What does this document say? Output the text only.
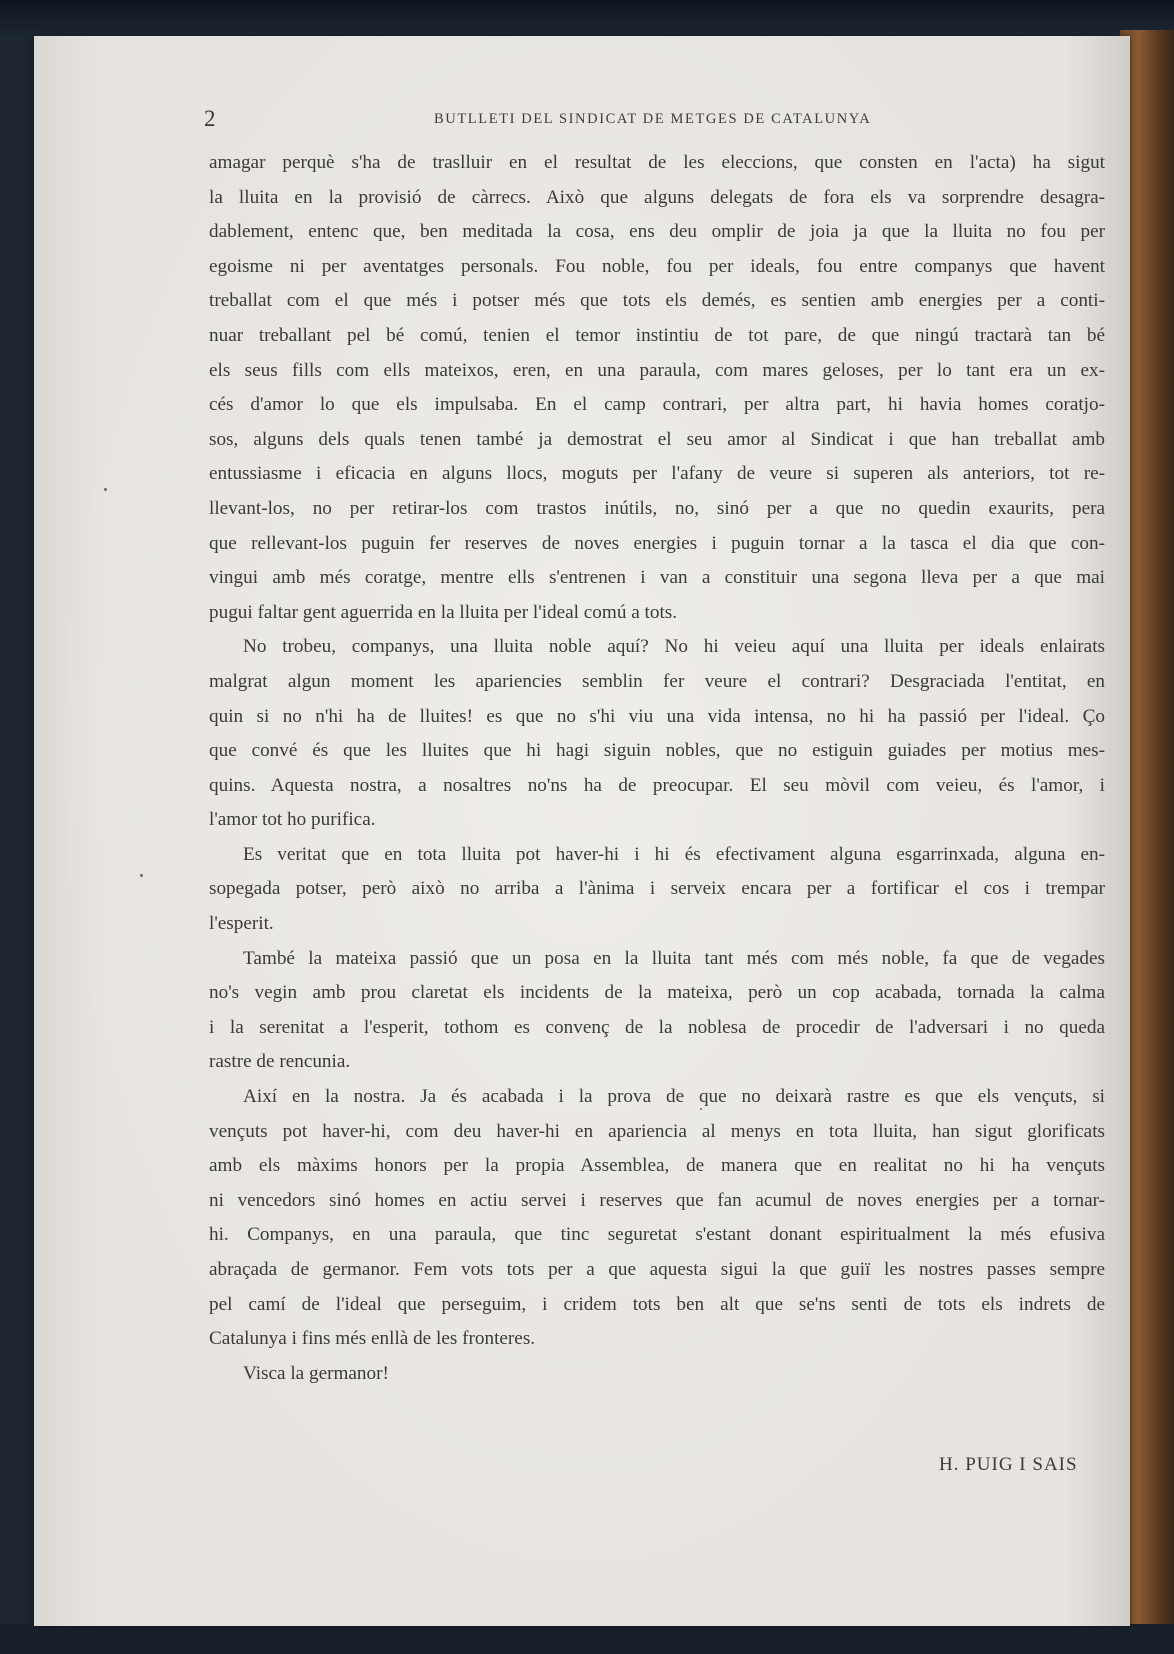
2	BUTLLETI DEL SINDICAT DE METGES DE CATALUNYA

amagar perquè s'ha de traslluir en el resultat de les eleccions, que consten en l'acta) ha sigut

la lluita en la provisió de càrrecs. Això que alguns delegats de fora els va sorprendre desagra-

dablement, entenc que, ben meditada la cosa, ens deu omplir de joia ja que la lluita no fou per

egoisme ni per aventatges personals. Fou noble, fou per ideals, fou entre companys que havent

treballat com el que més i potser més que tots els demés, es sentien amb energies per a conti-

nuar treballant pel bé comú, tenien el temor instintiu de tot pare, de que ningú tractarà tan bé

els seus fills com ells mateixos, eren, en una paraula, com mares geloses, per lo tant era un ex-

cés d'amor lo que els impulsaba. En el camp contrari, per altra part, hi havia homes coratjo-

sos, alguns dels quals tenen també ja demostrat el seu amor al Sindicat i que han treballat amb

entussiasme i eficacia en alguns llocs, moguts per l'afany de veure si superen als anteriors, tot re-

llevant-los, no per retirar-los com trastos inútils, no, sinó per a que no quedin exaurits, pera

que rellevant-los puguin fer reserves de noves energies i puguin tornar a la tasca el dia que con-

vingui amb més coratge, mentre ells s'entrenen i van a constituir una segona lleva per a que mai

pugui faltar gent aguerrida en la lluita per l'ideal comú a tots.

No trobeu, companys, una lluita noble aquí? No hi veieu aquí una lluita per ideals enlairats

malgrat algun moment les apariencies semblin fer veure el contrari? Desgraciada l'entitat, en

quin si no n'hi ha de lluites! es que no s'hi viu una vida intensa, no hi ha passió per l'ideal. Ço

que convé és que les lluites que hi hagi siguin nobles, que no estiguin guiades per motius mes-

quins. Aquesta nostra, a nosaltres no'ns ha de preocupar. El seu mòvil com veieu, és l'amor, i

l'amor tot ho purifica.

Es veritat que en tota lluita pot haver-hi i hi és efectivament alguna esgarrinxada, alguna en-

sopegada potser, però això no arriba a l'ànima i serveix encara per a fortificar el cos i trempar

l'esperit.

També la mateixa passió que un posa en la lluita tant més com més noble, fa que de vegades

no's vegin amb prou claretat els incidents de la mateixa, però un cop acabada, tornada la calma

i la serenitat a l'esperit, tothom es convenç de la noblesa de procedir de l'adversari i no queda

rastre de rencunia.

Així en la nostra. Ja és acabada i la prova de que no deixarà rastre es que els vençuts, si

vençuts pot haver-hi, com deu haver-hi en apariencia al menys en tota lluita, han sigut glorificats

amb els màxims honors per la propia Assemblea, de manera que en realitat no hi ha vençuts

ni vencedors sinó homes en actiu servei i reserves que fan acumul de noves energies per a tornar-

hi. Companys, en una paraula, que tinc seguretat s'estant donant espiritualment la més efusiva

abraçada de germanor. Fem vots tots per a que aquesta sigui la que guiï les nostres passes sempre

pel camí de l'ideal que perseguim, i cridem tots ben alt que se'ns senti de tots els indrets de

Catalunya i fins més enllà de les fronteres.

Visca la germanor!

H. PUIG I SAIS
